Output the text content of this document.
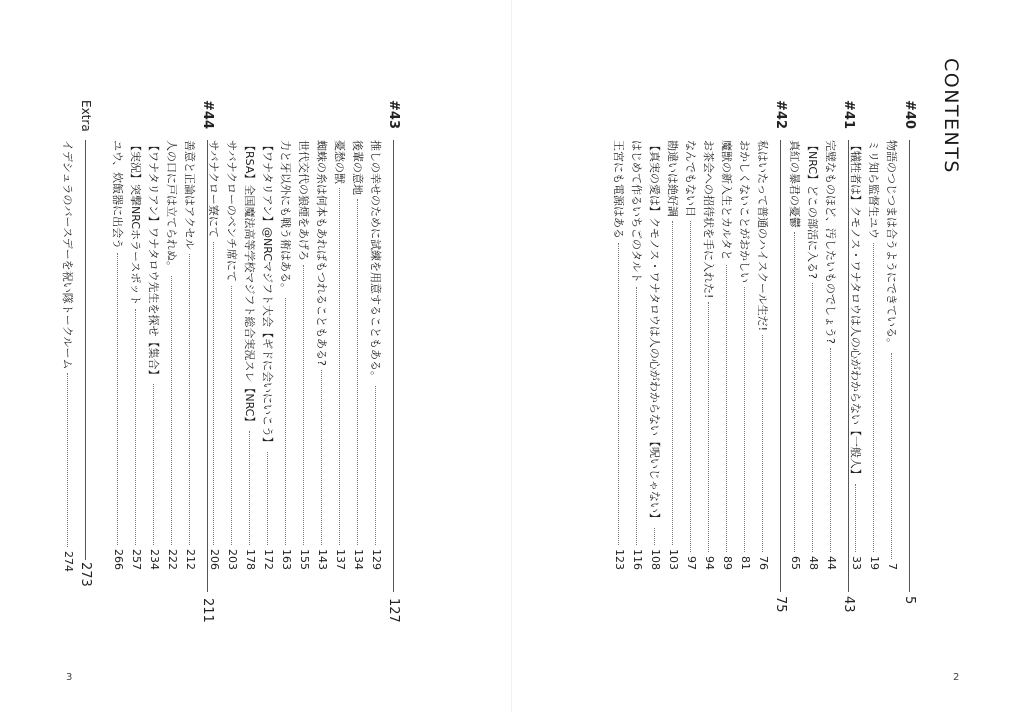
CONTENTS
3	2
#40
5
物語のつじつまは合うようにできている。
7
ミリ知ら監督生ユウ
19
【犠牲者は】クモノス・ワナタロウは人の心がわからない【一般人】
33
#41
43
完璧なものほど、汚したいものでしょう?
44
【NRC】どこの部活に入る?
48
真紅の暴君の憂鬱
65
#42
75
私はいたって普通のハイスクール生だ!
76
おかしくないことがおかしい
81
魔獣の新入生とカルタと
89
お茶会への招待状を手に入れた!
94
なんでもない日
97
勘違いは絶好調
103
【真実の愛は】クモノス・ワナタロウは人の心がわからない【呪いじゃない】
108
はじめて作るいちごのタルト
116
王宮にも電源はある
123
#43
127
推しの幸せのために試練を用意することもある。
129
後輩の意地
134
憂愁の獣
137
蜘蛛の糸は何本もあればもつれることもある?
143
世代交代の狼煙をあげろ
155
力と牙以外にも戦う術はある。
163
【ワナタリアン】@NRCマジフト大会【ギドに会いにいこう】
172
【RSA】全国魔法高等学校マジフト総合実況スレ【NRC】
178
サバナクローのベンチ席にて
203
サバナクロー寮にて
206
#44
211
善意と正論はアクセル
212
人の口に戸は立てられぬ。
222
【ワナタリアン】ワナタロウ先生を探せ【集合】
234
【実況】突撃NRCホラースポット
257
ユウ、炊飯器に出会う
266
Extra
273
イデシュラのバースデーを祝い隊トークルーム
274
